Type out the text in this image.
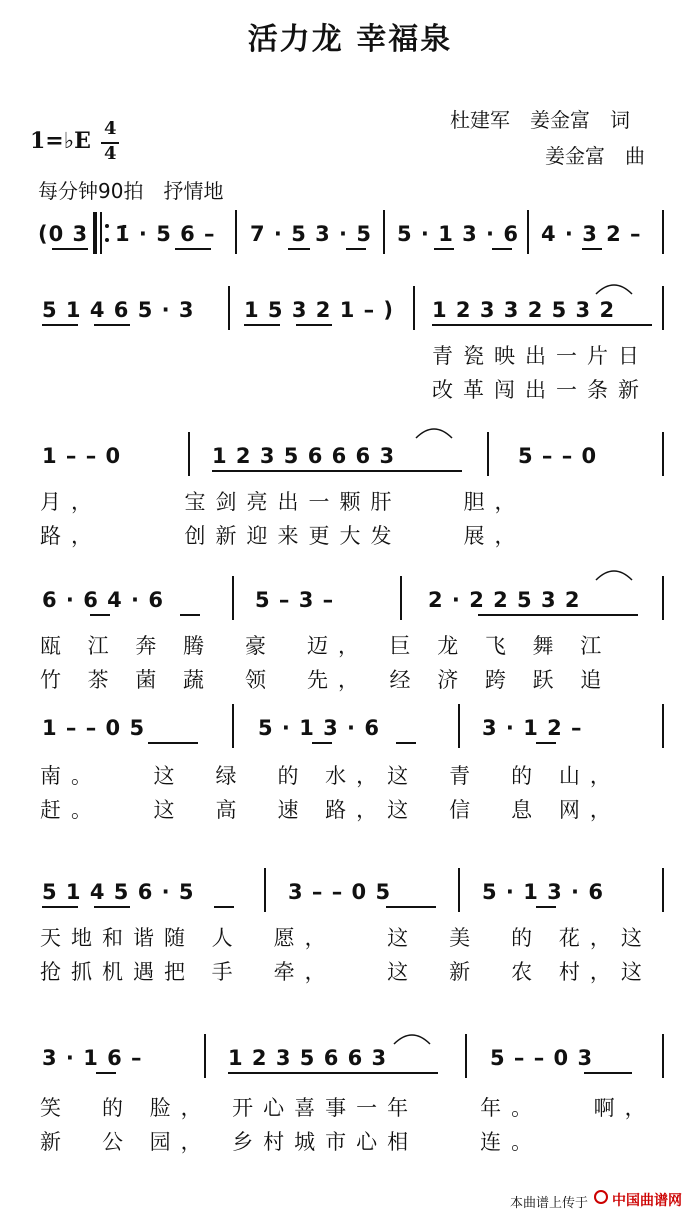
活力龙 幸福泉
杜建军　姜金富　词
姜金富　曲
1=♭E 4
4
每分钟90拍　抒情地
(0 3 1̇ · 5 6 – 7 · 5 3 · 5 5 · 1 3 · 6 4 · 3 2 –
5 1 4 6 5 · 3 1 5 3 2 1 – ) 1 2 3 3 2 5 3 2
青瓷映出一片日
改革闯出一条新
1 – – 0	1 2 3 5 6 6 6 3	5 – – 0
月，　　　宝剑亮出一颗肝　　胆，
路，　　　创新迎来更大发　　展，
6 · 6 4 · 6	5 – 3 –	2 · 2 2 5 3 2
瓯 江 奔 腾　豪　迈，　巨 龙 飞 舞 江
竹 茶 菌 蔬　领　先，　经 济 跨 跃 追
1 – – 0 5	5 · 1 3 · 6	3 · 1 2 –
南。　　这　绿　的 水，这　青　的 山，
赶。　　这　高　速 路，这　信　息 网，
5 1 4 5 6 · 5	3 – – 0 5	5 · 1 3 · 6
天地和谐随 人　愿，　　这　美　的 花，这
抢抓机遇把 手　牵，　　这　新　农 村，这
3 · 1 6 –	1 2 3 5 6 6 3	5 – – 0 3
笑　的 脸，　开心喜事一年　　年。　　啊，
新　公 园，　乡村城市心相　　连。
本曲谱上传于 中国曲谱网
